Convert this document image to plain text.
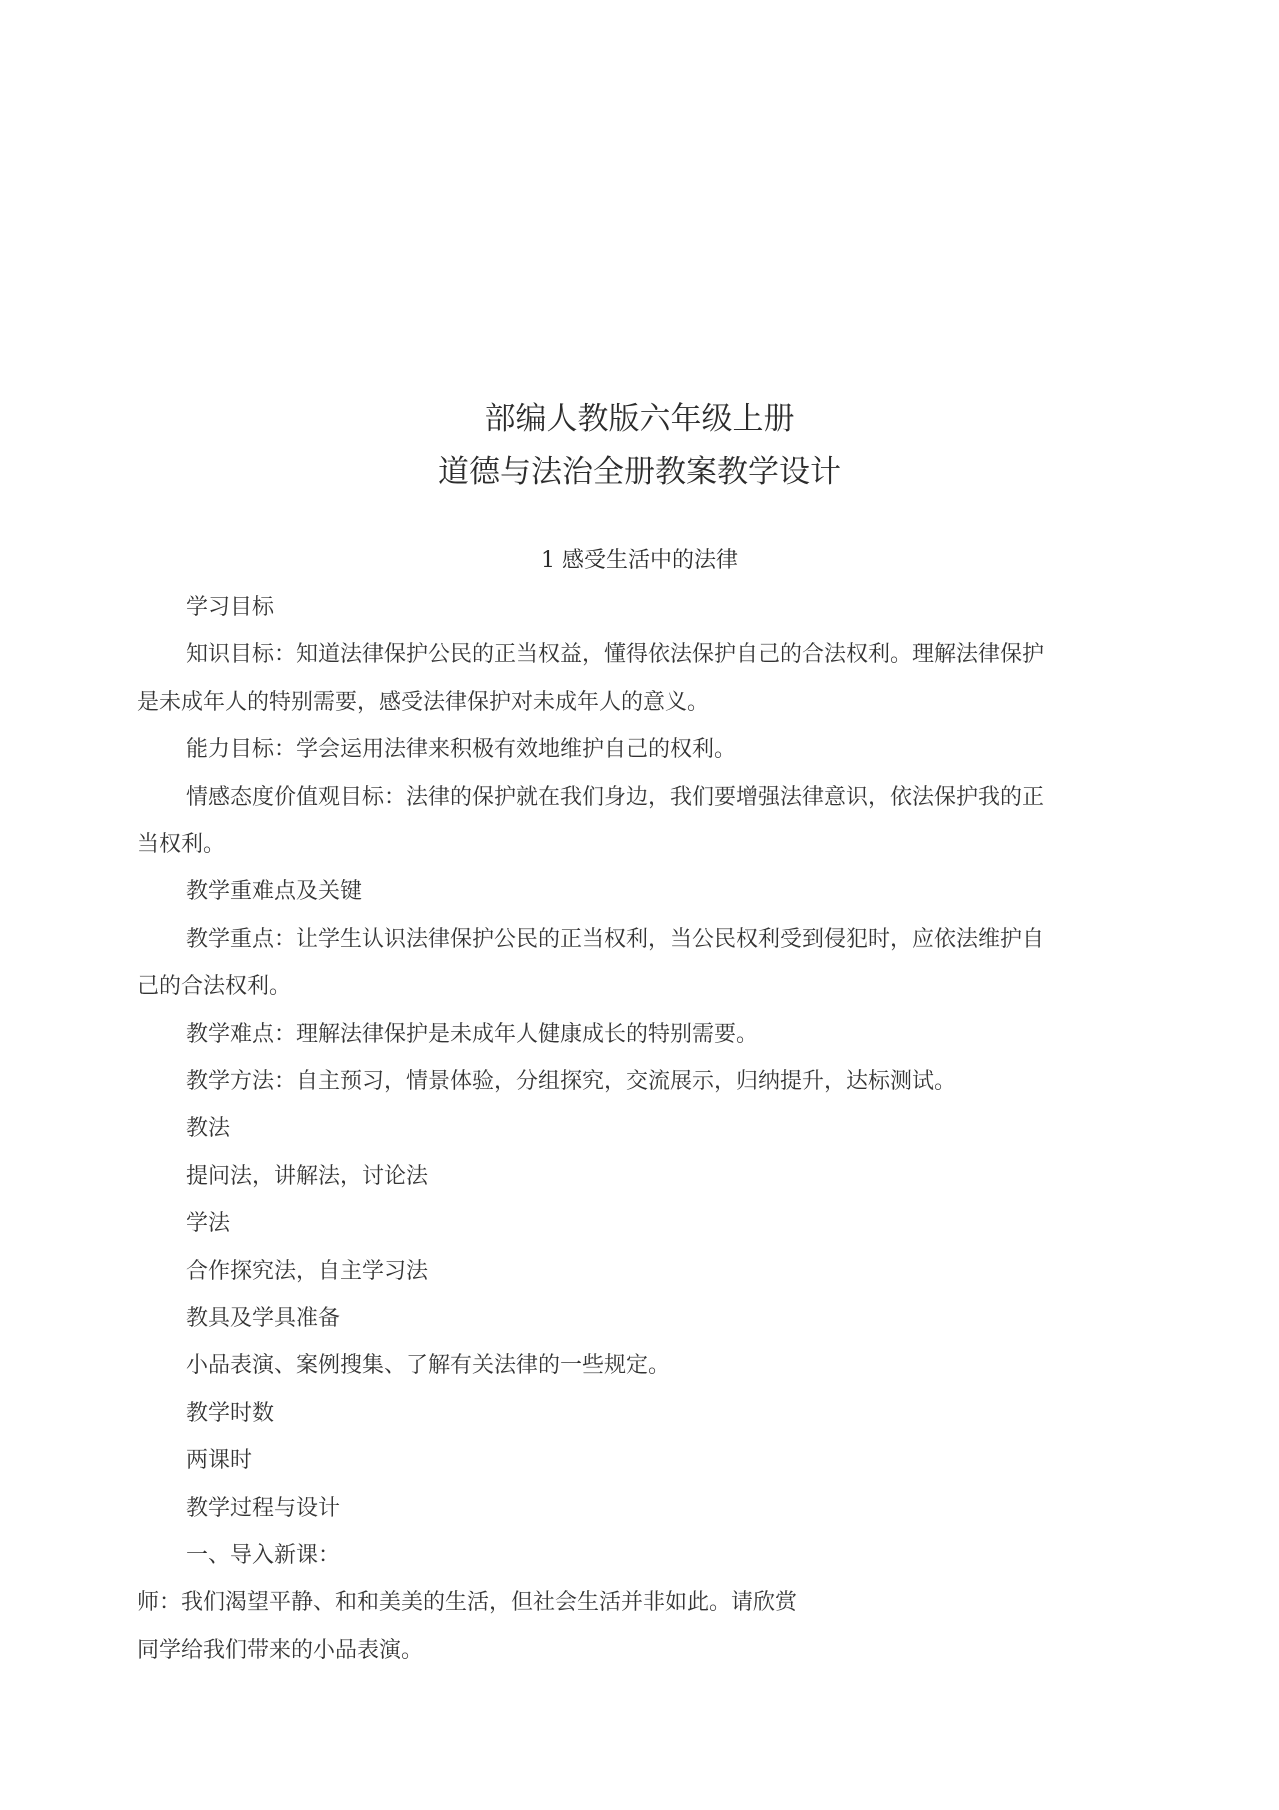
部编人教版六年级上册
道德与法治全册教案教学设计
1 感受生活中的法律
学习目标
知识目标：知道法律保护公民的正当权益，懂得依法保护自己的合法权利。理解法律保护
是未成年人的特别需要，感受法律保护对未成年人的意义。
能力目标：学会运用法律来积极有效地维护自己的权利。
情感态度价值观目标：法律的保护就在我们身边，我们要增强法律意识，依法保护我的正
当权利。
教学重难点及关键
教学重点：让学生认识法律保护公民的正当权利，当公民权利受到侵犯时，应依法维护自
己的合法权利。
教学难点：理解法律保护是未成年人健康成长的特别需要。
教学方法：自主预习，情景体验，分组探究，交流展示，归纳提升，达标测试。
教法
提问法，讲解法，讨论法
学法
合作探究法，自主学习法
教具及学具准备
小品表演、案例搜集、了解有关法律的一些规定。
教学时数
两课时
教学过程与设计
一、导入新课：
师：我们渴望平静、和和美美的生活，但社会生活并非如此。请欣赏
同学给我们带来的小品表演。
